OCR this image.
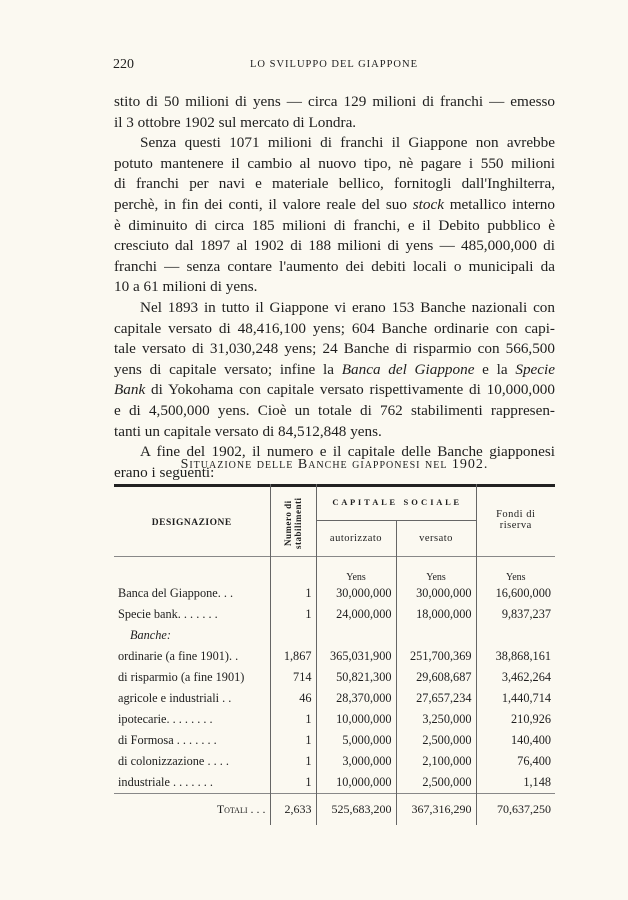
220	LO SVILUPPO DEL GIAPPONE
stito di 50 milioni di yens — circa 129 milioni di franchi — emesso
il 3 ottobre 1902 sul mercato di Londra.
Senza questi 1071 milioni di franchi il Giappone non avrebbe
potuto mantenere il cambio al nuovo tipo, nè pagare i 550 milioni
di franchi per navi e materiale bellico, fornitogli dall'Inghilterra,
perchè, in fin dei conti, il valore reale del suo stock metallico interno
è diminuito di circa 185 milioni di franchi, e il Debito pubblico è
cresciuto dal 1897 al 1902 di 188 milioni di yens — 485,000,000 di
franchi — senza contare l'aumento dei debiti locali o municipali da
10 a 61 milioni di yens.
Nel 1893 in tutto il Giappone vi erano 153 Banche nazionali con
capitale versato di 48,416,100 yens; 604 Banche ordinarie con capi-
tale versato di 31,030,248 yens; 24 Banche di risparmio con 566,500
yens di capitale versato; infine la Banca del Giappone e la Specie
Bank di Yokohama con capitale versato rispettivamente di 10,000,000
e di 4,500,000 yens. Cioè un totale di 762 stabilimenti rappresen-
tanti un capitale versato di 84,512,848 yens.
A fine del 1902, il numero e il capitale delle Banche giapponesi
erano i seguenti:
Situazione delle Banche giapponesi nel 1902.
DESIGNAZIONE	Numero di stabilimenti	C A P I T A L E   S O C I A L E		Fondi di riserva
		autorizzato	versato	
		Yens	Yens	Yens
Banca del Giappone. . .	1	30,000,000	30,000,000	16,600,000
Specie bank. . . . . . .	1	24,000,000	18,000,000	9,837,237
Banche:				
ordinarie (a fine 1901). .	1,867	365,031,900	251,700,369	38,868,161
di risparmio (a fine 1901)	714	50,821,300	29,608,687	3,462,264
agricole e industriali . .	46	28,370,000	27,657,234	1,440,714
ipotecarie. . . . . . . .	1	10,000,000	3,250,000	210,926
di Formosa . . . . . . .	1	5,000,000	2,500,000	140,400
di colonizzazione . . . .	1	3,000,000	2,100,000	76,400
industriale . . . . . . .	1	10,000,000	2,500,000	1,148
Totali . . .	2,633	525,683,200	367,316,290	70,637,250
